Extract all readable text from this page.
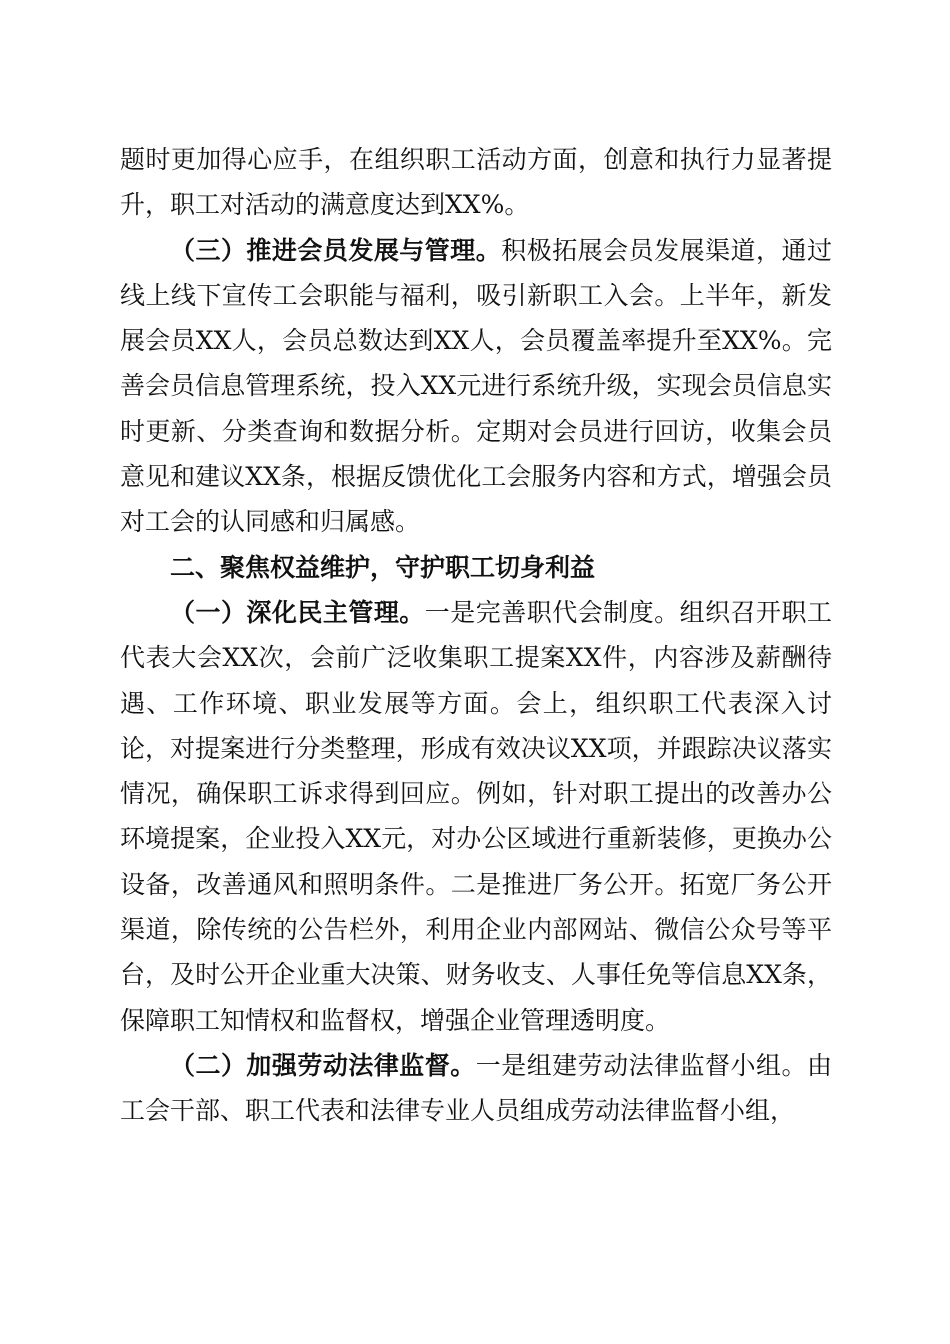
题时更加得心应手，在组织职工活动方面，创意和执行力显著提升，职工对活动的满意度达到XX%。

（三）推进会员发展与管理。积极拓展会员发展渠道，通过线上线下宣传工会职能与福利，吸引新职工入会。上半年，新发展会员XX人，会员总数达到XX人，会员覆盖率提升至XX%。完善会员信息管理系统，投入XX元进行系统升级，实现会员信息实时更新、分类查询和数据分析。定期对会员进行回访，收集会员意见和建议XX条，根据反馈优化工会服务内容和方式，增强会员对工会的认同感和归属感。

二、聚焦权益维护，守护职工切身利益

（一）深化民主管理。一是完善职代会制度。组织召开职工代表大会XX次，会前广泛收集职工提案XX件，内容涉及薪酬待遇、工作环境、职业发展等方面。会上，组织职工代表深入讨论，对提案进行分类整理，形成有效决议XX项，并跟踪决议落实情况，确保职工诉求得到回应。例如，针对职工提出的改善办公环境提案，企业投入XX元，对办公区域进行重新装修，更换办公设备，改善通风和照明条件。二是推进厂务公开。拓宽厂务公开渠道，除传统的公告栏外，利用企业内部网站、微信公众号等平台，及时公开企业重大决策、财务收支、人事任免等信息XX条，保障职工知情权和监督权，增强企业管理透明度。

（二）加强劳动法律监督。一是组建劳动法律监督小组。由工会干部、职工代表和法律专业人员组成劳动法律监督小组，
